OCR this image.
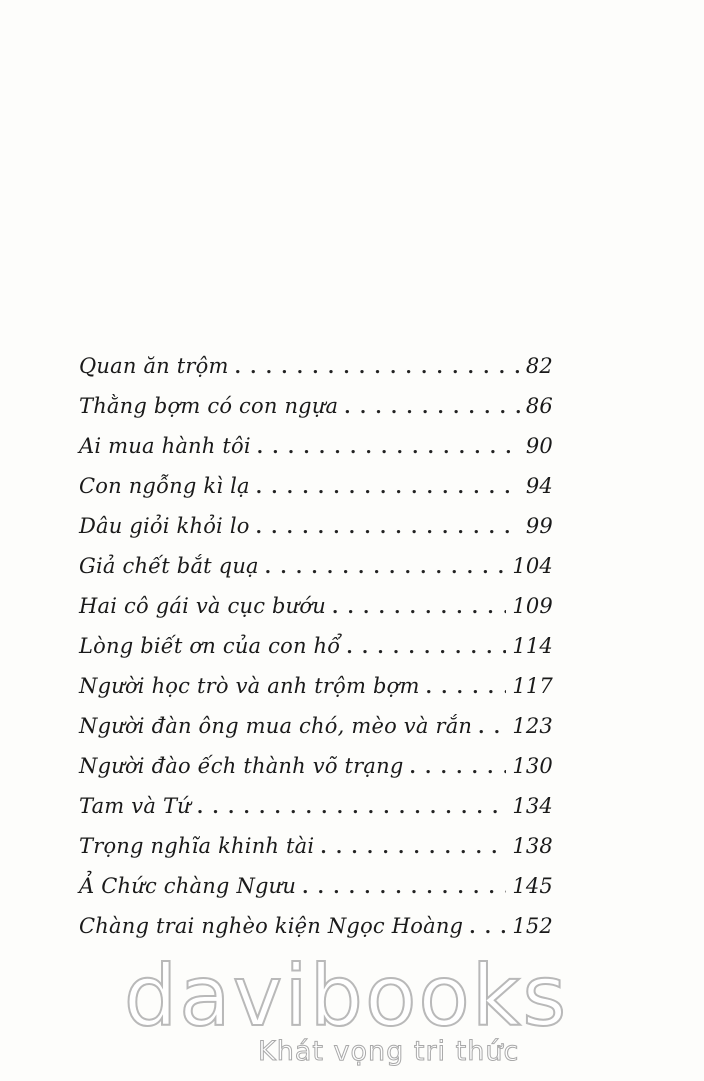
Quan ăn trộm . . .	82
Thằng bợm có con ngựa . . .	86
Ai mua hành tôi . . .	90
Con ngỗng kì lạ . . .	94
Dâu giỏi khỏi lo . . .	99
Giả chết bắt quạ . . .	104
Hai cô gái và cục bướu . . .	109
Lòng biết ơn của con hổ . . .	114
Người học trò và anh trộm bợm . . .	117
Người đàn ông mua chó, mèo và rắn . . . 123
Người đào ếch thành võ trạng . . .	130
Tam và Tứ . . .	134
Trọng nghĩa khinh tài . . .	138
Ả Chức chàng Ngưu . . .	145
Chàng trai nghèo kiện Ngọc Hoàng . . . 152
davibooks
Khát vọng tri thức
